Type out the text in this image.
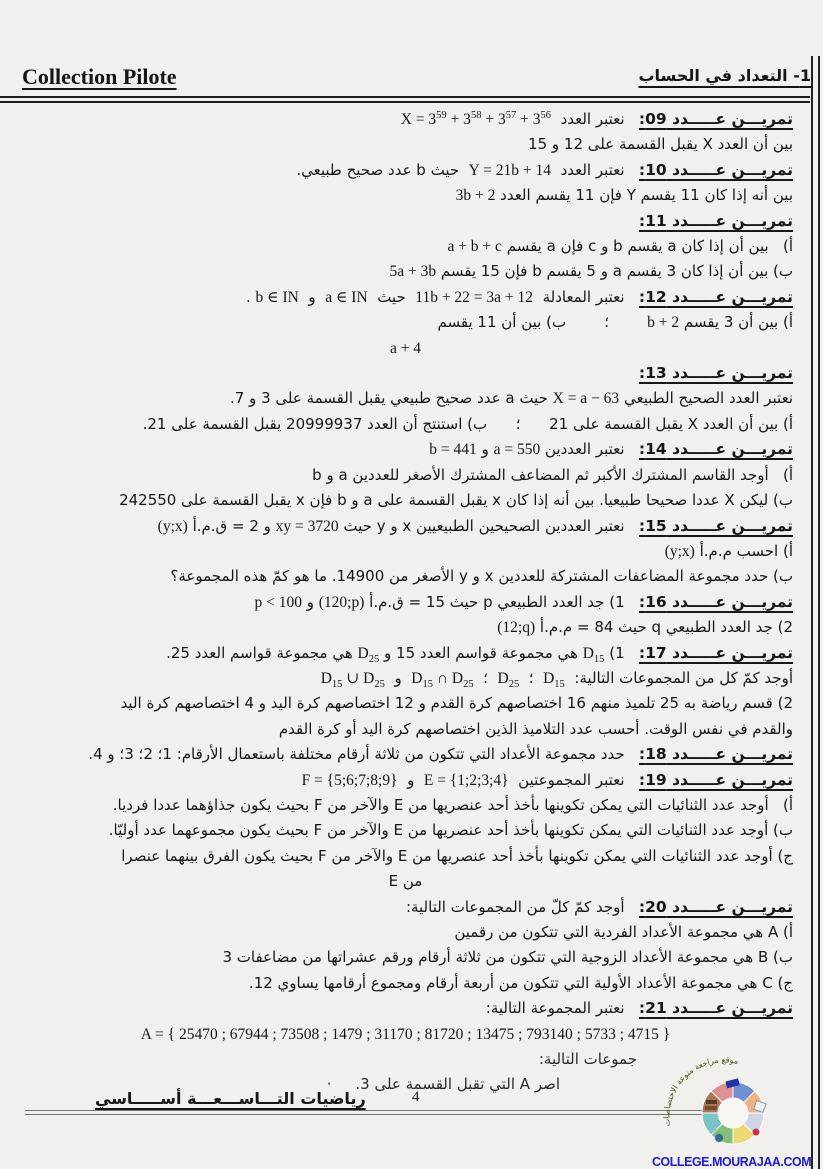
Collection Pilote	1- التعداد في الحساب
تمريـــن عـــــدد 09:   نعتبر العدد  $X = 3^{59} + 3^{58} + 3^{57} + 3^{56}$
بين أن العدد X يقبل القسمة على 12 و 15
تمريـــن عـــــدد 10:   نعتبر العدد  Y = 21b + 14  حيث b عدد صحيح طبيعي.
بين أنه إذا كان 11 يقسم Y فإن 11 يقسم العدد 3b + 2
تمريـــن عـــــدد 11:
أ)   بين أن إذا كان a يقسم b و c فإن a يقسم a + b + c
ب) بين أن إذا كان 3 يقسم a و 5 يقسم b فإن 15 يقسم 5a + 3b
تمريـــن عـــــدد 12:   نعتبر المعادلة  11b + 22 = 3a + 12  حيث  a ∈ IN  و  b ∈ IN .
أ) بين أن 3 يقسم b + 2        ؛        ب) بين أن 11 يقسم
a + 4
تمريـــن عـــــدد 13:
نعتبر العدد الصحيح الطبيعي X = a − 63 حيث a عدد صحيح طبيعي يقبل القسمة على 3 و 7.
أ) بين أن العدد X يقبل القسمة على 21      ؛      ب) استنتج أن العدد 20999937 يقبل القسمة على 21.
تمريـــن عـــــدد 14:   نعتبر العددين a = 550 و b = 441
أ)   أوجد القاسم المشترك الأكبر ثم المضاعف المشترك الأصغر للعددين a و b
ب) ليكن X عددا صحيحا طبيعيا. بين أنه إذا كان x يقبل القسمة على a و b فإن x يقبل القسمة على 242550
تمريـــن عـــــدد 15:   نعتبر العددين الصحيحين الطبيعيين x و y حيث xy = 3720 و 2 = ق.م.أ (y;x)
أ) احسب م.م.أ (y;x)
ب) حدد مجموعة المضاعفات المشتركة للعددين x و y الأصغر من 14900. ما هو كمّ هذه المجموعة؟
تمريـــن عـــــدد 16:   1) جد العدد الطبيعي p حيث 15 = ق.م.أ (120;p) و p < 100
2) جد العدد الطبيعي q حيث 84 = م.م.أ (12;q)
تمريـــن عـــــدد 17:   1) $D_{15}$ هي مجموعة قواسم العدد 15 و $D_{25}$ هي مجموعة قواسم العدد 25.
أوجد كمّ كل من المجموعات التالية:  $D_{15}$  ؛  $D_{25}$  ؛  $D_{15}$ ∩ $D_{25}$  و  $D_{15}$ ∪ $D_{25}$
2) قسم رياضة به 25 تلميذ منهم 16 اختصاصهم كرة القدم و 12 اختصاصهم كرة اليد و 4 اختصاصهم كرة اليد
والقدم في نفس الوقت. أحسب عدد التلاميذ الذين اختصاصهم كرة اليد أو كرة القدم
تمريـــن عـــــدد 18:   حدد مجموعة الأعداد التي تتكون من ثلاثة أرقام مختلفة باستعمال الأرقام: 1؛ 2؛ 3؛ و 4.
تمريـــن عـــــدد 19:   نعتبر المجموعتين  E = {1;2;3;4}  و  F = {5;6;7;8;9}
أ)   أوجد عدد الثنائيات التي يمكن تكوينها بأخذ أحد عنصريها من E والآخر من F بحيث يكون جذاؤهما عددا فرديا.
ب) أوجد عدد الثنائيات التي يمكن تكوينها بأخذ أحد عنصريها من E والآخر من F بحيث يكون مجموعهما عدد أوليّا.
ج) أوجد عدد الثنائيات التي يمكن تكوينها بأخذ أحد عنصريها من E والآخر من F بحيث يكون الفرق بينهما عنصرا
من E
تمريـــن عـــــدد 20:   أوجد كمّ كلّ من المجموعات التالية:
أ) A هي مجموعة الأعداد الفردية التي تتكون من رقمين
ب) B هي مجموعة الأعداد الزوجية التي تتكون من ثلاثة أرقام ورقم عشراتها من مضاعفات 3
ج) C هي مجموعة الأعداد الأولية التي تتكون من أربعة أرقام ومجموع أرقامها يساوي 12.
تمريـــن عـــــدد 21:   نعتبر المجموعة التالية:
A = { 25470 ; 67944 ; 73508 ; 1479 ; 31170 ; 81720 ; 13475 ; 793140 ; 5733 ; 4715 }
جموعات التالية:
اصر A التي تقبل القسمة على 3.     ·
رياضيات التـــاســـعـــة أســـــاسي	4
موقع مراجعة منوعة الاختصاصات
COLLEGE.MOURAJAA.COM
